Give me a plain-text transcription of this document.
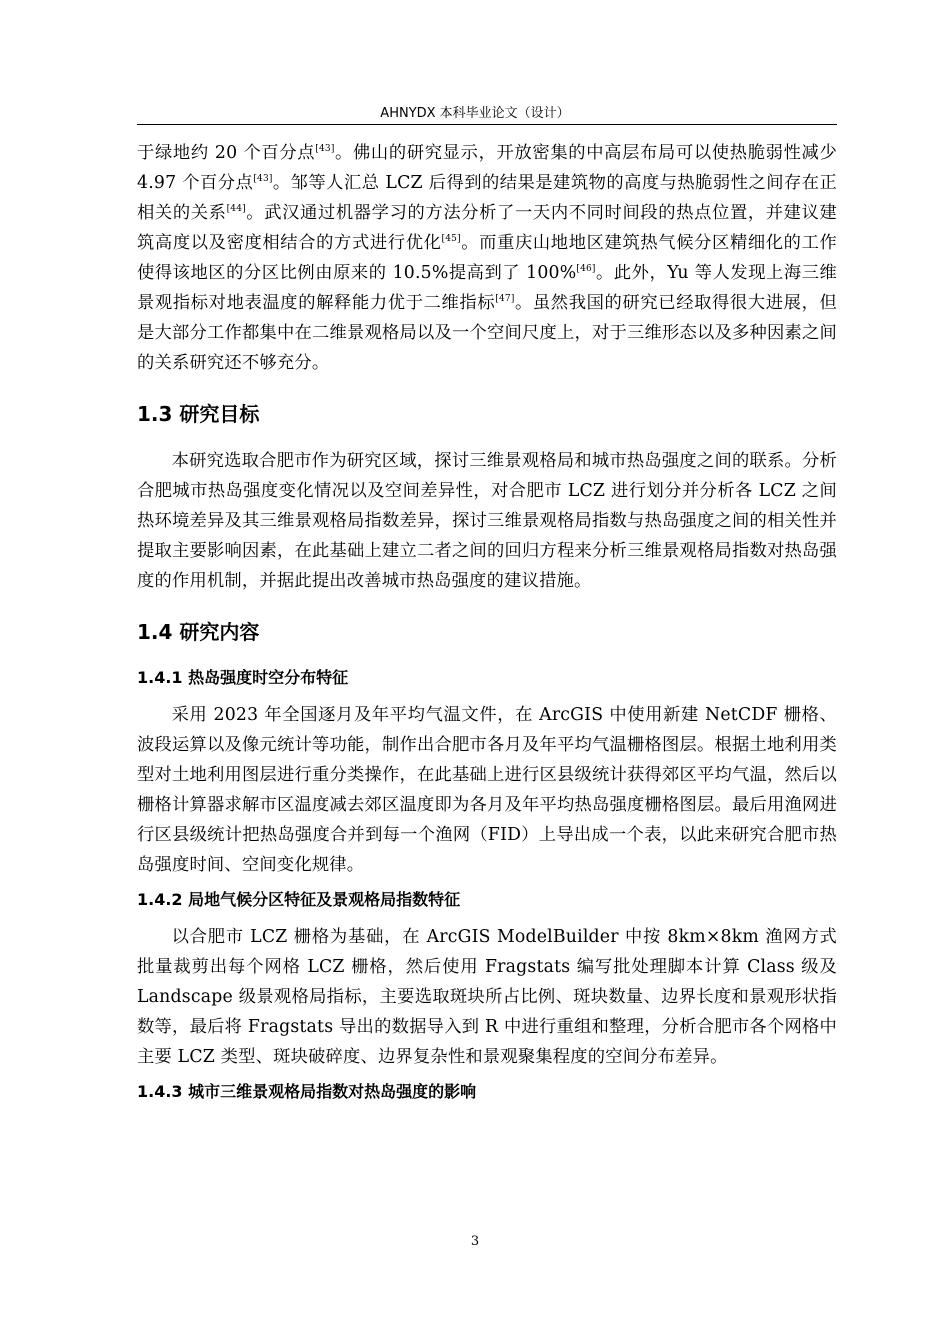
AHNYDX 本科毕业论文（设计）

于绿地约 20 个百分点[43]。佛山的研究显示，开放密集的中高层布局可以使热脆弱性减少 4.97 个百分点[43]。邹等人汇总 LCZ 后得到的结果是建筑物的高度与热脆弱性之间存在正相关的关系[44]。武汉通过机器学习的方法分析了一天内不同时间段的热点位置，并建议建筑高度以及密度相结合的方式进行优化[45]。而重庆山地地区建筑热气候分区精细化的工作使得该地区的分区比例由原来的 10.5%提高到了 100%[46]。此外，Yu 等人发现上海三维景观指标对地表温度的解释能力优于二维指标[47]。虽然我国的研究已经取得很大进展，但是大部分工作都集中在二维景观格局以及一个空间尺度上，对于三维形态以及多种因素之间的关系研究还不够充分。

1.3 研究目标

本研究选取合肥市作为研究区域，探讨三维景观格局和城市热岛强度之间的联系。分析合肥城市热岛强度变化情况以及空间差异性，对合肥市 LCZ 进行划分并分析各 LCZ 之间热环境差异及其三维景观格局指数差异，探讨三维景观格局指数与热岛强度之间的相关性并提取主要影响因素，在此基础上建立二者之间的回归方程来分析三维景观格局指数对热岛强度的作用机制，并据此提出改善城市热岛强度的建议措施。

1.4 研究内容
1.4.1 热岛强度时空分布特征

采用 2023 年全国逐月及年平均气温文件，在 ArcGIS 中使用新建 NetCDF 栅格、波段运算以及像元统计等功能，制作出合肥市各月及年平均气温栅格图层。根据土地利用类型对土地利用图层进行重分类操作，在此基础上进行区县级统计获得郊区平均气温，然后以栅格计算器求解市区温度减去郊区温度即为各月及年平均热岛强度栅格图层。最后用渔网进行区县级统计把热岛强度合并到每一个渔网（FID）上导出成一个表，以此来研究合肥市热岛强度时间、空间变化规律。

1.4.2 局地气候分区特征及景观格局指数特征

以合肥市 LCZ 栅格为基础，在 ArcGIS ModelBuilder 中按 8km×8km 渔网方式批量裁剪出每个网格 LCZ 栅格，然后使用 Fragstats 编写批处理脚本计算 Class 级及 Landscape 级景观格局指标，主要选取斑块所占比例、斑块数量、边界长度和景观形状指数等，最后将 Fragstats 导出的数据导入到 R 中进行重组和整理，分析合肥市各个网格中主要 LCZ 类型、斑块破碎度、边界复杂性和景观聚集程度的空间分布差异。

1.4.3 城市三维景观格局指数对热岛强度的影响
3
